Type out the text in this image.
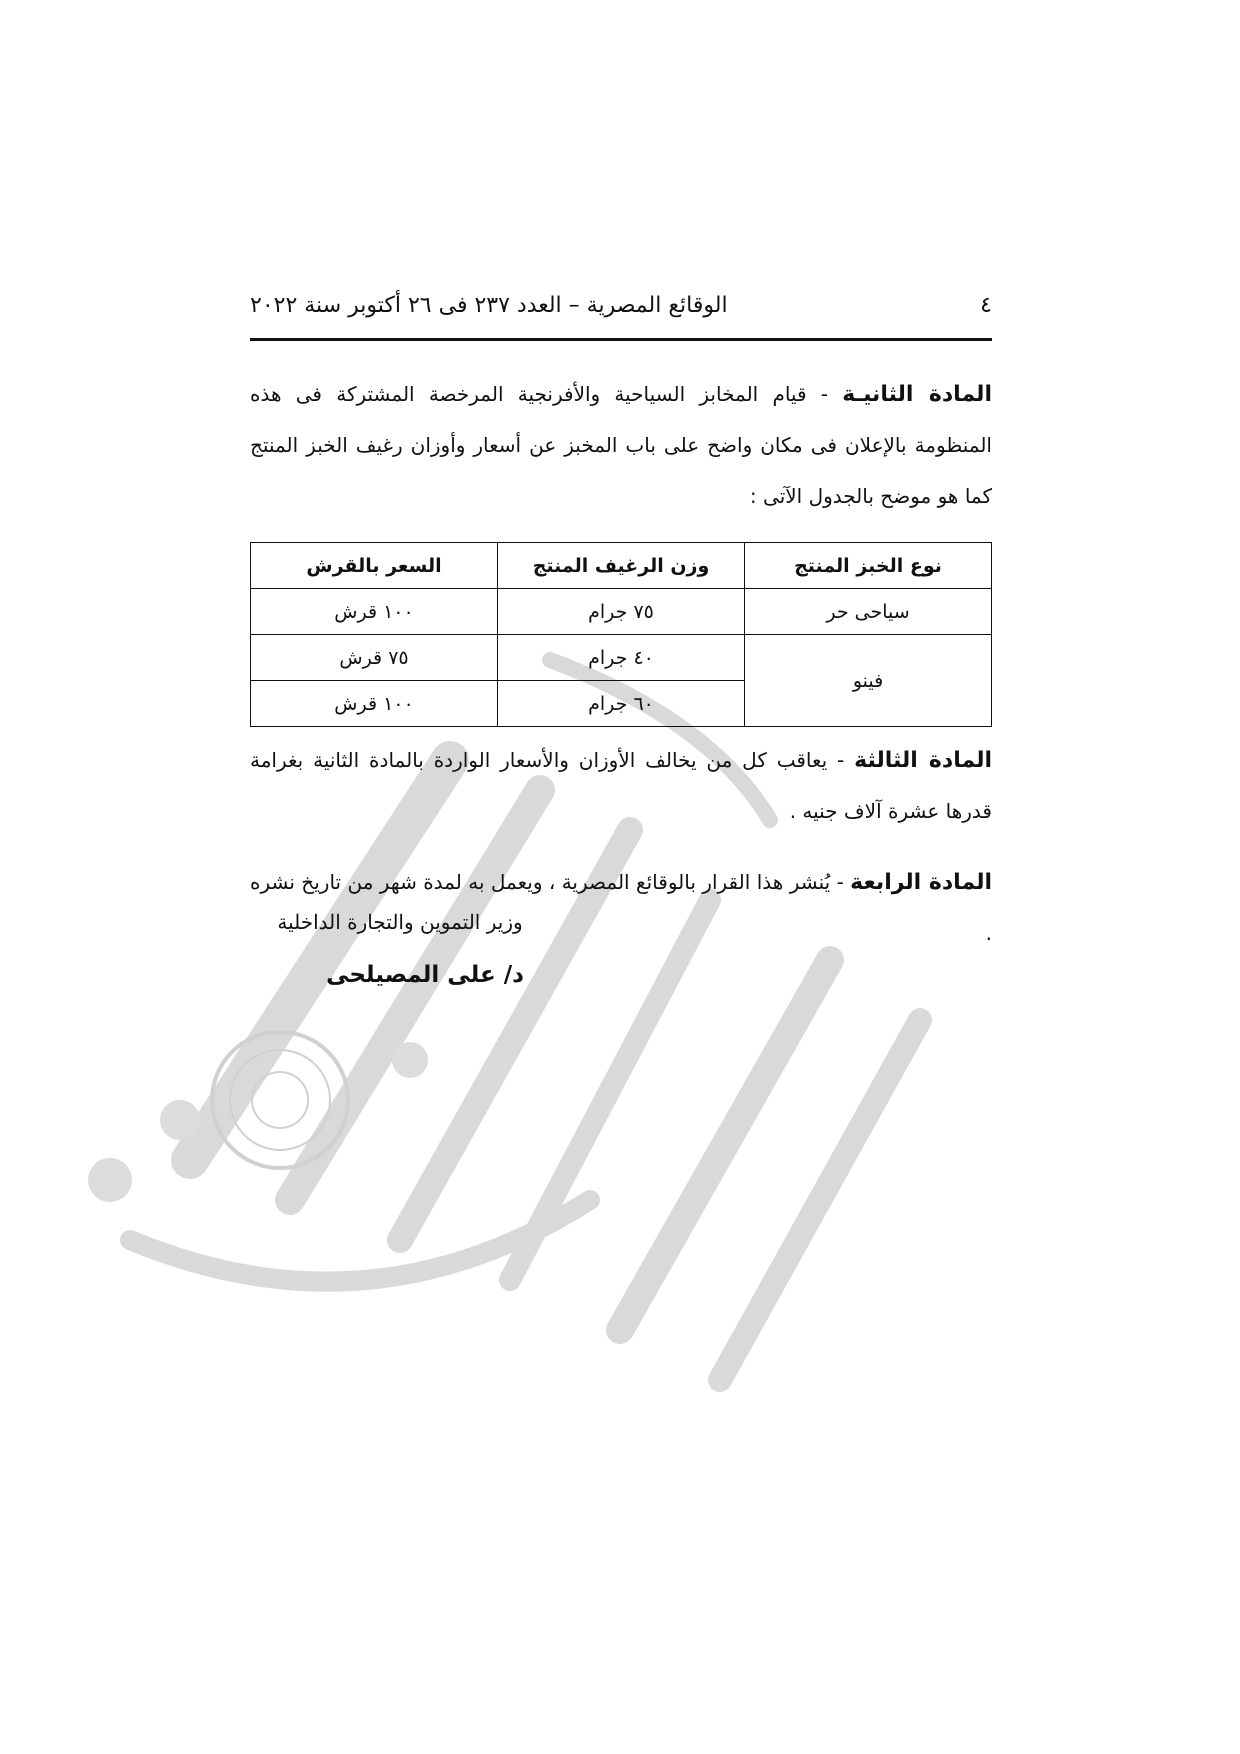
٤
الوقائع المصرية – العدد ٢٣٧ فى ٢٦ أكتوبر سنة ٢٠٢٢

المادة الثانيـة - قيام المخابز السياحية والأفرنجية المرخصة المشتركة فى هذه المنظومة بالإعلان فى مكان واضح على باب المخبز عن أسعار وأوزان رغيف الخبز المنتج كما هو موضح بالجدول الآتى :

نوع الخبز المنتج	وزن الرغيف المنتج	السعر بالقرش
سياحى حر	٧٥ جرام	١٠٠ قرش
فينو	٤٠ جرام	٧٥ قرش
	٦٠ جرام	١٠٠ قرش

المادة الثالثة - يعاقب كل من يخالف الأوزان والأسعار الواردة بالمادة الثانية بغرامة قدرها عشرة آلاف جنيه .

المادة الرابعة - يُنشر هذا القرار بالوقائع المصرية ، ويعمل به لمدة شهر من تاريخ نشره .

وزير التموين والتجارة الداخلية
د/ على المصيلحى
